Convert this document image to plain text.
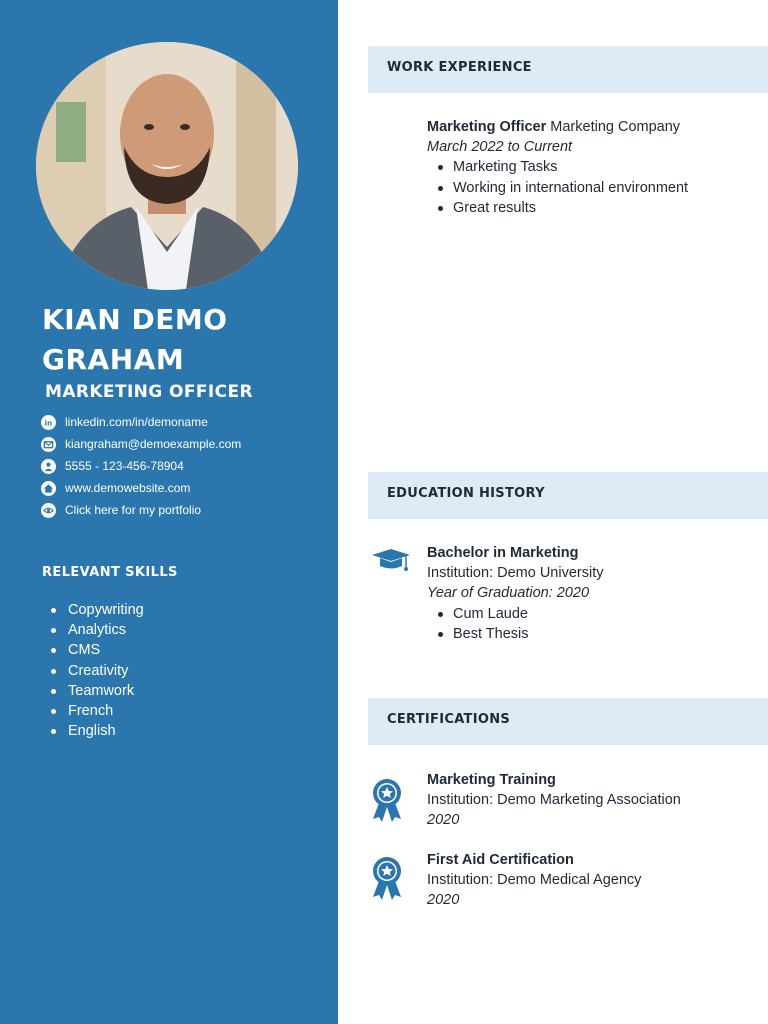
KIAN DEMO GRAHAM
MARKETING OFFICER
in linkedin.com/in/demoname
kiangraham@demoexample.com
5555 - 123-456-78904
www.demowebsite.com
Click here for my portfolio
RELEVANT SKILLS
Copywriting
Analytics
CMS
Creativity
Teamwork
French
English
WORK EXPERIENCE
Marketing Officer Marketing Company
March 2022 to Current
Marketing Tasks
Working in international environment
Great results
EDUCATION HISTORY
Bachelor in Marketing
Institution: Demo University
Year of Graduation: 2020
Cum Laude
Best Thesis
CERTIFICATIONS
Marketing Training
Institution: Demo Marketing Association
2020
First Aid Certification
Institution: Demo Medical Agency
2020
